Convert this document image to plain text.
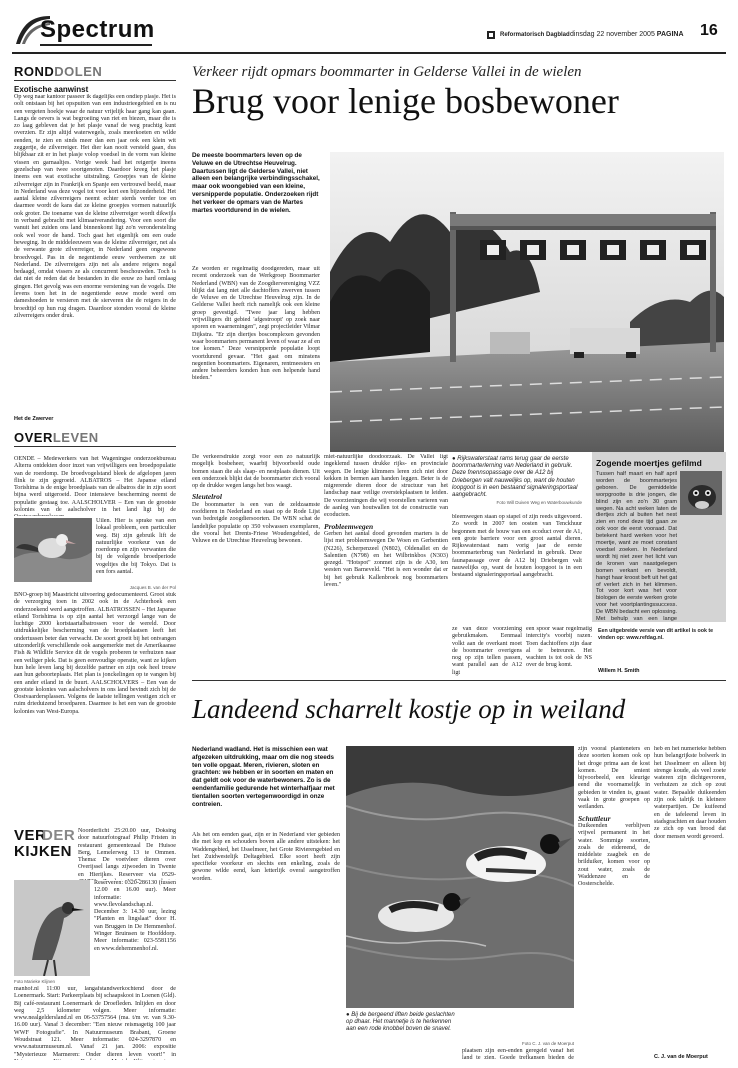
Spectrum	Reformatorisch Dagblad dinsdag 22 november 2005 PAGINA 16
RONDDOLEN
Exotische aanwinst
Op weg naar kantoor passeer ik dagelijks een ondiep plasje. Het is oolt ontstaan bij het opspuiten van een industrieegebied en is nu een vergeten hoekje waar de natuur vrijelijk haar gang kan gaan. Langs de oevers is wat begroeiing van riet en biezen, maar die is zo laag gebleven dat je het plasje vanaf de weg prachtig kunt overzien. Er zijn altijd waterwegels, zoals meerkoeten en wilde eenden, te zien en sinds meer dan een jaar ook een klein wit zeggertje, de zilverreiger. Het dier kan nooit versteld gaan, dus blijkbaar zit er in het plasje volop voedsel in de vorm van kleine vissen en garnaaltjes. Vorige week had het reigertje ineens gezelschap van twee soortgenoten. Daardoor kreeg het plasje ineens een wat exotische uitstraling. Groepjes van de kleine zilverreiger zijn in Frankrijk en Spanje een vertrouwd beeld, maar in Nederland was deze vogel tot voor kort een bijzonderheid. Het aantal kleine zilverreigers neemt echter sterds verder toe en daarmee wordt de kans dat ze kleine groepjes vormen natuurlijk ook groter. De toename van de kleine zilverreiger wordt dikwijls in verband gebracht met klimaatverandering. Voor een soort die vanuit het zuiden ons land binnenkomt ligt zo'n verondersteling ook wel voor de hand. Toch gaat het eigenlijk om een oude beweging. In de middeleeuwen was de kleine zilverreiger, net als de verwante grote zilverreiger, in Nederland geen ongewone broedvogel. Pas in de negentiende eeuw verdwenen ze uit Nederland. De zilverreigers zijn net als andere reigers nogal bedaagd, omdat vissers ze als concurrent beschouwden. Toch is dat niet de reden dat de bestanden in die eeuw zo hard omlaag gingen. Het gevolg was een enorme verstening van de vogels. Die levens toen het in de negentiende eeuw mode werd om dameshoeden te versieren met de sierveren die de reigers in de broedtijd op hun rug dragen. Daardoor stonden vooral de kleine zilverreigers onder druk.
Het de Zwerver
OVERLEVEN
OENDE – Medewerkers van het Wageningse onderzoekbureau Alterra ontdekten door inzet van vrijwilligers een broedpopulatie van de roerdomp. De broedvogelstand bleek de afgelopen jaren flink te zijn gegroeid. ALBATROS – Het Japanse eiland Torishima is de enige broedplaats van de albatros die in zijn soort bijna werd uitgeroeid. Door intensieve bescherming neemt de populatie gestaag toe. AALSCHOLVER – Een van de grootste kolonies van de aalscholver in het land ligt bij de
Uilen. Hier is sprake van een lokaal probleem, een particulier weg. Bij zijn gebruik lift de natuurlijke voorkeur van de roerdomp en zijn verwanten die bij de volgende broedperiode vogeltjes die bij Tokyo. Dat is een fors aantal.
Jacques B. van der Pol
BNO-groep bij Maastricht uitvoering gedocumenteerd. Groot stuk de verzorging toen in 2002 ook in de Achterhoek een onderzoekend werd aangetroffen. ALBATROSSEN – Het Japanse eiland Torishima is op zijn aantal het verzorgd lange van de luchtige 2000 kortstaartalbatrossen voor de wereld. Door uitdrukkelijke bescherming van de broedplaatsen leeft het ondertussen beter dan verwacht. De soort groeit bij het ontvangen uitzonderlijk verschillende ook aangemerkte met de Amerikaanse Fish & Wildlife Service dit de vogels proberen te verhuizen naar een veiliger plek. Dat is geen eenvoudige operatie, want ze kijken hun hele leven lang bij dezelfde partner en zijn ook heel trouw aan hun geboorteplaats. Het plan is jonckelingen op te vangen bij een ander eiland in de buurt. AALSCHOLVERS – Een van de grootste kolonies van aalscholvers in ons land bevindt zich bij de Oostvaardersplassen. Volgens de laatste tellingen vestigen zich er ruim drieduizend broedparen. Daarmee is het een van de grootste kolonies van West-Europa.
VER
DER
KIJKEN
Noorderlicht 25:20.00 uur, Doksing door natuurfotograaf Philip Fristen in restaurant gemeentezaal De Huisoe Berg, Lemelerweg 13 te Ommen. Thema: De voetvleer dieren over Overijssel langs zijwoeden in Twente en Hierijkes. Reserveer via 0529-
Foto Marieke Klijnen
Reserveren: 0320-286130 (tussen 12.00 en 16.00 uur). Meer informatie: www.flevolandschap.nl. December 3: 14.30 uur, lezing "Planten en lingslaat" door H. van Bruggen in De Hemmenhof. Winger Bruinsen te Hoofddorp. Meer informatie: 023-5581156 en www.dehemmenhof.nl.
manhof.nl 11:00 uur, langafstandwerkochtend door de Loenermark. Start: Parkeerplaats bij schaapskooi in Loenen (Gld). Bij café-restaurant Loenermark de Droefleden. Inlijden en door weg 2,5 kilometer volgen. Meer informatie: www.nealgeldersland.nl en 06-53757564 (ma. t/m vr. van 9.30-16.00 uur). Vanaf 3 december: "Een nieuw reismagetig 100 jaar WWF Fotografie". In Natuurmuseum Brabant, Groene Woudstraat 121. Meer informatie: 024-3297870 en www.natuurmuseum.nl. Vanaf 21 jan. 2006: expositie "Mysterieuze Marmeren: Onder dieren leven voort!" in
Verkeer rijdt opmars boommarter in Gelderse Vallei in de wielen
Brug voor lenige bosbewoner
De meeste boommarters leven op de Veluwe en de Utrechtse Heuvelrug. Daartussen ligt de Gelderse Vallei, niet alleen een belangrijke verbindingsschakel, maar ook woongebied van een kleine, versnipperde populatie. Onderzoeken rijdt het verkeer de opmars van de Martes martes voortdurend in de wielen.
Ze worden er regelmatig doodgereden, maar uit recent onderzoek van de Werkgroep Boommarter Nederland (WBN) van de Zoogdiervereniging VZZ blijkt dat lang niet alle dachtoffers zwerven tussen de Veluwe en de Utrechtse Heuvelrug zijn. In de Gelderse Vallei heeft rich namelijk ook een kleine groep gevestigd. "Twee jaar lang hebben vrijwilligers dit gebied 'afgestroopt' op zoek naar sporen en waarnemingen", zegt projectleider Vilmar Dijkstra. "Er zijn diertjes boscomplexen gevonden waar boommarters permanent leven of waar ze af en toe komen." Deze versnipperde populatie loopt voortdurend gevaar. "Het gaat om minstens negentien boommarters. Eigenaren, rentmeesters en andere beheerders konden hun een helpende hand bieden."
De verkeersdrukte zorgt voor een zo natuurlijk mogelijk bosbeheer, waarbij bijvoorbeeld oude bomen staan die als slaap- en nestplaats dienen. Uit een onderzoek blijkt dat de boommarter zich vooral op de drukke wegen langs het bos waagt.
Sleutelrol
De boommarter is een van de zeldzaamste roofdieren in Nederland en staat op de Rode Lijst van bedreigde zoogdiersoorten. De WBN schat de landelijke populatie op 350 volwassen exemplaren, die vooral het Drents-Friese Woudengebied, de Veluwe en de Utrechtse Heuvelrug bewonen.
miet-natuurlijke doodoorzaak. De Vallei ligt ingeklemd tussen drukke rijks- en provinciale wegen. De lenige klimmers leren zich niet door kekken in bermen aan handen leggen. Beter is de migrerende dieren door de structuur van het landschap naar veilige overstekplaatsen te leiden. De voorzieningen die wij voorstellen varieren van de aanleg van houtwallen tot de constructie van ecoducten.
Probleemwegen
Gerben het aantal dood gevonden marters is de lijst met probleemwegen De Woen en Gerbentien (N226), Scherpenzeel (N802), Oldenallet en de Salentien (N798) en het Wilbrinkbos (N303) gezegd. "Hotspot" zonmet zijn is de A30, ten westen van Barneveld. "Het is een wonder dat er bij het gebruik Kallenbroek nog boommarters leven."
● Rijkswaterstaat rams terug gaar de eerste boommarterlerning van Nederland in gebruik. Deze fnennsopassage over de A12 bij Driebergen valt nauwelijks op, want de houten loopgoot is in een bestaand signaleringsportaal aangebracht.
Foto Will Duiven Weg en Waterbouwkunde
bleemwegen staan op stapel of zijn reeds uitgevoerd. Zo wordt in 2007 ten oosten van Tenckhuur begonnen met de bouw van een ecoduct over de A1, een grote barriere voor een groot aantal dieren. Rijkswaterstaat nam vorig jaar de eerste boommarterbrug van Nederland in gebruik. Deze faunapassage over de A12 bij Driebergen valt nauwelijks op, want de houten loopgoot is in een bestaand signaleringsportaal aangebracht.
Zogende moertjes gefilmd
Tussen half maart en half april worden de boommarterjes geboren. De gemiddelde worpgrootte is drie jongen, die blind zijn en zo'n 30 gram wegen. Na acht weken laten de diertjes zich al buiten het nest zien en rond deze tijd gaan ze ook voor de eerst vooraad. Dat betekent hard werken voor het moertje, want ze moet constant voedsel zoeken. In Nederland wordt hij niet zeer het licht van de kronen van naastgelegen bomen verkant en bevoldt, hangt haar kroost beft uit het gat of verlert zich in het klimmen. Tot voor kort was het voor biologen de eerste werken grote voor het voortplantingssuccess. De WBN bedacht een oplossing. Met behulp van een lange
ze van deze voorziening gebruikmaken. Eenmaal volkt aan de overkant moet de boommarter overigens nog op zijn tellen passen, want parallel aan de A12 ligt
een spoor waar regelmatig intercity's voorbij razen. Toen dachtoffers zijn daar al te betreuren. Het wachten is tot ook de NS over de brug komt.
Een uitgebreide versie van dit artikel is ook te vinden op: www.refdag.nl.
Willem H. Smith
Landeend scharrelt kostje op in weiland
Nederland wadland. Het is misschien een wat afgezeken uitdrukking, maar om die nog steeds ten volle opgaat. Meren, rivieren, sloten en grachten: we hebben er in soorten en maten en dat geldt ook voor de waterbewoners. Zo is de eendenfamilie gedurende het winterhalfjaar met tientallen soorten vertegenwoordigd in onze contreien.
● Bij de bergeend liften beide geslachten op dhaar. Het mannetje is te herkennen aan een rode knobbel boven de snavel.
Foto C. J. van de Moerput
Als het om eenden gaat, zijn er in Nederland vier gebieden die met kop en schouders boven alle andere uitsteken: het Waddengebied, het IJsselmeer, het Grote Rivierengebied en het Zuidwestelijk Deltagebied. Elke soort heeft zijn specifieke voorkeur en slechts een enkeling, zoals de gewone wilde eend, kan letterlijk overal aangetroffen worden.
plaatsen zijn een-enden geregeld vanaf het land te zien. Goede trefkansen bieden de
zijn vooral planteneters en deze soorten komen ook op het droge prima aan de kost komen. De smient bijvoorbeeld, een kleurige eend die voornamelijk in gebieden te vinden is, graast vaak in grote groepen op weilanden.
Schuttleur
Duikeenden verblijven vrijwel permanent in het water. Sommige soorten, zoals de eidereend, de middelste zaagbek en de brilduiker, komen voor op zout water, zoals de Waddenzee en de Oosterschelde.
heb en het numerieke hebben hun belangrijkste bolwerk in het IJsselmeer en alleen bij strenge koude, als veel zoete wateren zijn dichtgevroren, verhuizen ze zich op zout water. Bepaalde duikeenden zijn ook talrijk in kleinere waterpartijen. De kuifeend en de tafeleend leven in stadsgrachten en daar houden ze zich op van brood dat door mensen wordt gevoerd.
C. J. van de Moerput
